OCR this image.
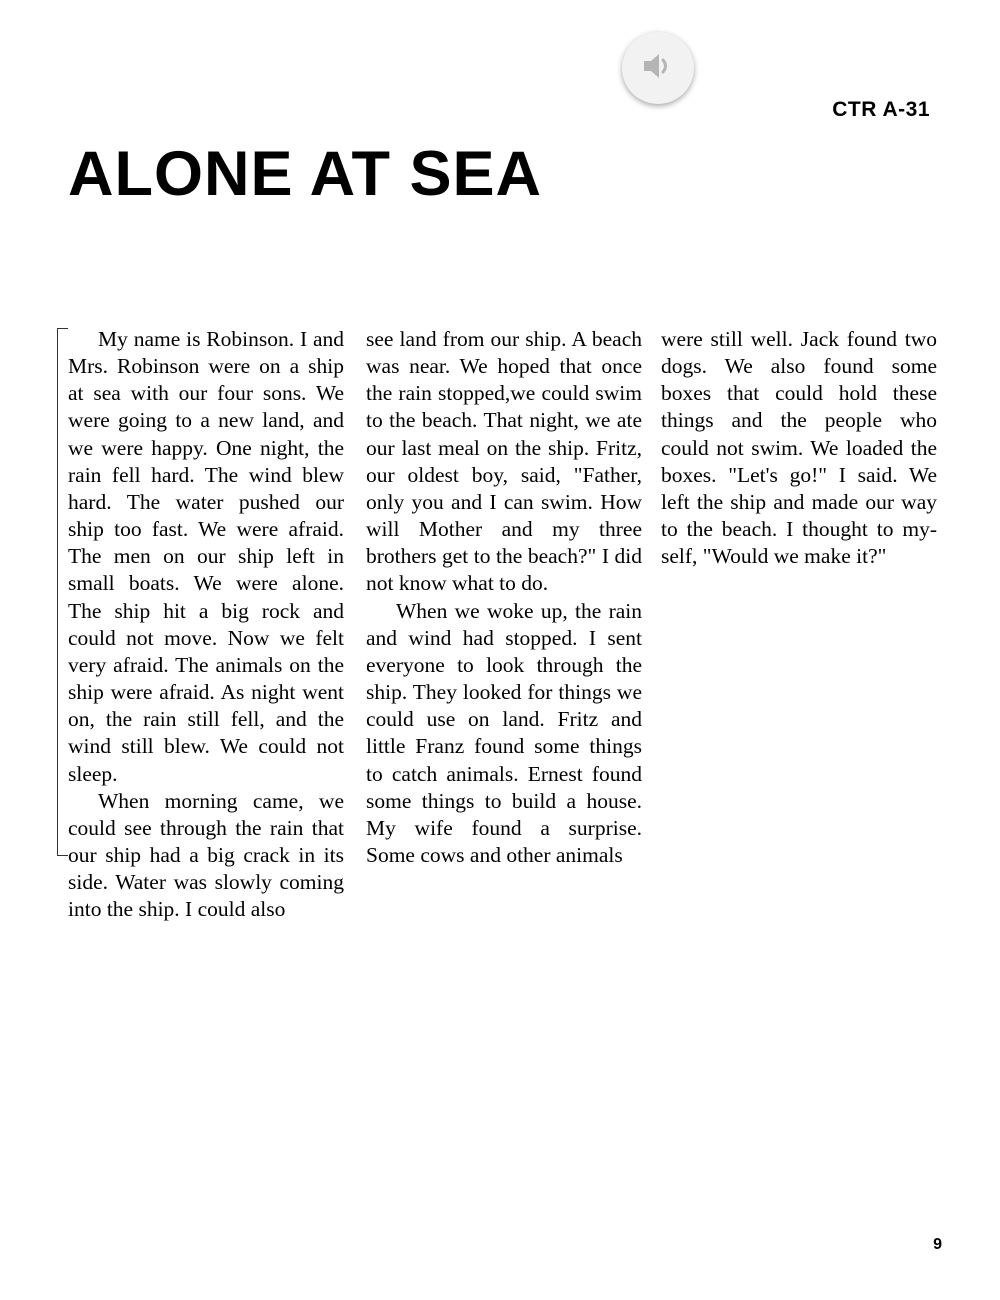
CTR A-31
ALONE AT SEA

My name is Robinson. I and Mrs. Robinson were on a ship at sea with our four sons. We were going to a new land, and we were happy. One night, the rain fell hard. The wind blew hard. The water pushed our ship too fast. We were afraid. The men on our ship left in small boats. We were alone. The ship hit a big rock and could not move. Now we felt very afraid. The animals on the ship were afraid. As night went on, the rain still fell, and the wind still blew. We could not sleep.

When morning came, we could see through the rain that our ship had a big crack in its side. Water was slowly coming into the ship. I could also

see land from our ship. A beach was near. We hoped that once the rain stopped,we could swim to the beach. That night, we ate our last meal on the ship. Fritz, our oldest boy, said, "Father, only you and I can swim. How will Mother and my three brothers get to the beach?" I did not know what to do.

When we woke up, the rain and wind had stopped. I sent everyone to look through the ship. They looked for things we could use on land. Fritz and little Franz found some things to catch animals. Ernest found some things to build a house. My wife found a surprise. Some cows and other animals

were still well. Jack found two dogs. We also found some boxes that could hold these things and the people who could not swim. We loaded the boxes. "Let's go!" I said. We left the ship and made our way to the beach. I thought to myself, "Would we make it?"

9
